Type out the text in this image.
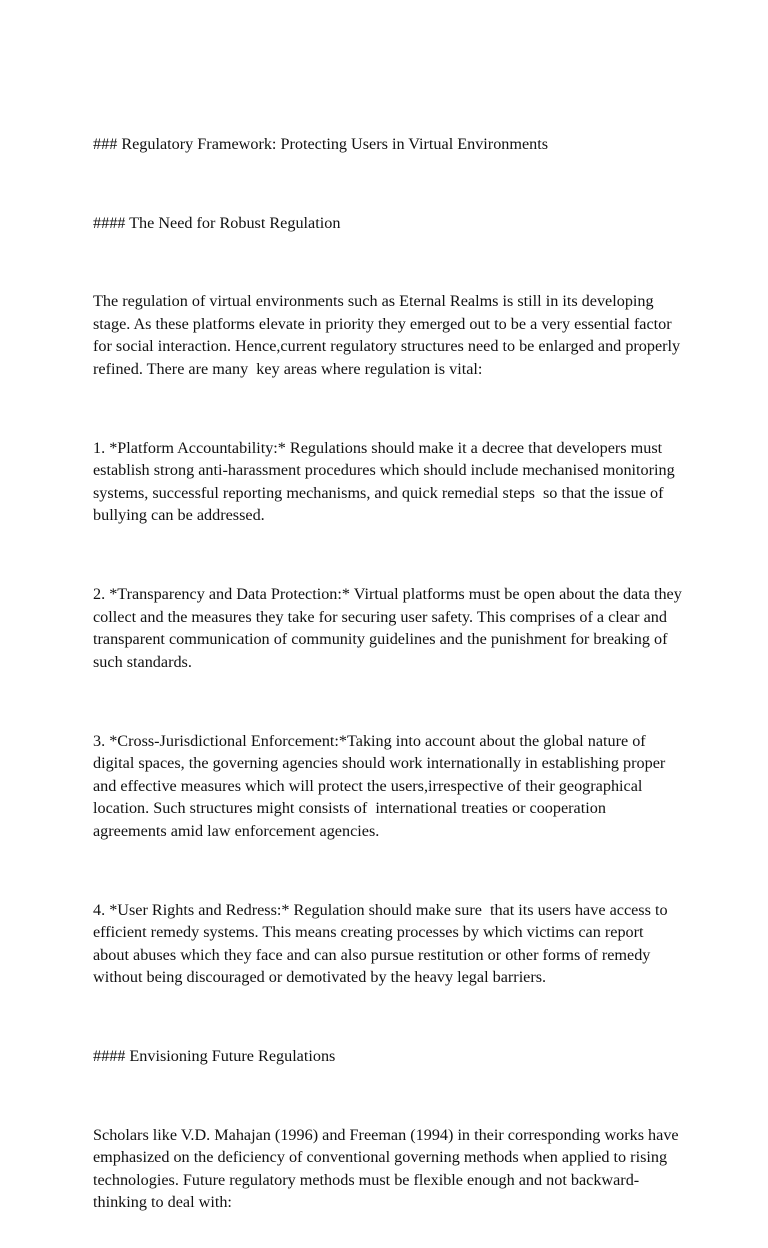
### Regulatory Framework: Protecting Users in Virtual Environments

#### The Need for Robust Regulation

The regulation of virtual environments such as Eternal Realms is still in its developing stage. As these platforms elevate in priority they emerged out to be a very essential factor  for social interaction. Hence,current regulatory structures need to be enlarged and properly refined. There are many  key areas where regulation is vital:

1. *Platform Accountability:* Regulations should make it a decree that developers must establish strong anti-harassment procedures which should include mechanised monitoring systems, successful reporting mechanisms, and quick remedial steps  so that the issue of  bullying can be addressed.

2. *Transparency and Data Protection:* Virtual platforms must be open about the data they collect and the measures they take for securing user safety. This comprises of a clear and transparent communication of community guidelines and the punishment for breaking of  such standards.

3. *Cross-Jurisdictional Enforcement:*Taking into account about the global nature of digital spaces, the governing agencies should work internationally in establishing proper and effective measures which will protect the users,irrespective of their geographical location. Such structures might consists of  international treaties or cooperation agreements amid law enforcement agencies.

4. *User Rights and Redress:* Regulation should make sure  that its users have access to efficient remedy systems. This means creating processes by which victims can report about abuses which they face and can also pursue restitution or other forms of remedy without being discouraged or demotivated by the heavy legal barriers.

#### Envisioning Future Regulations

Scholars like V.D. Mahajan (1996) and Freeman (1994) in their corresponding works have emphasized on the deficiency of conventional governing methods when applied to rising technologies. Future regulatory methods must be flexible enough and not backward-thinking to deal with:
